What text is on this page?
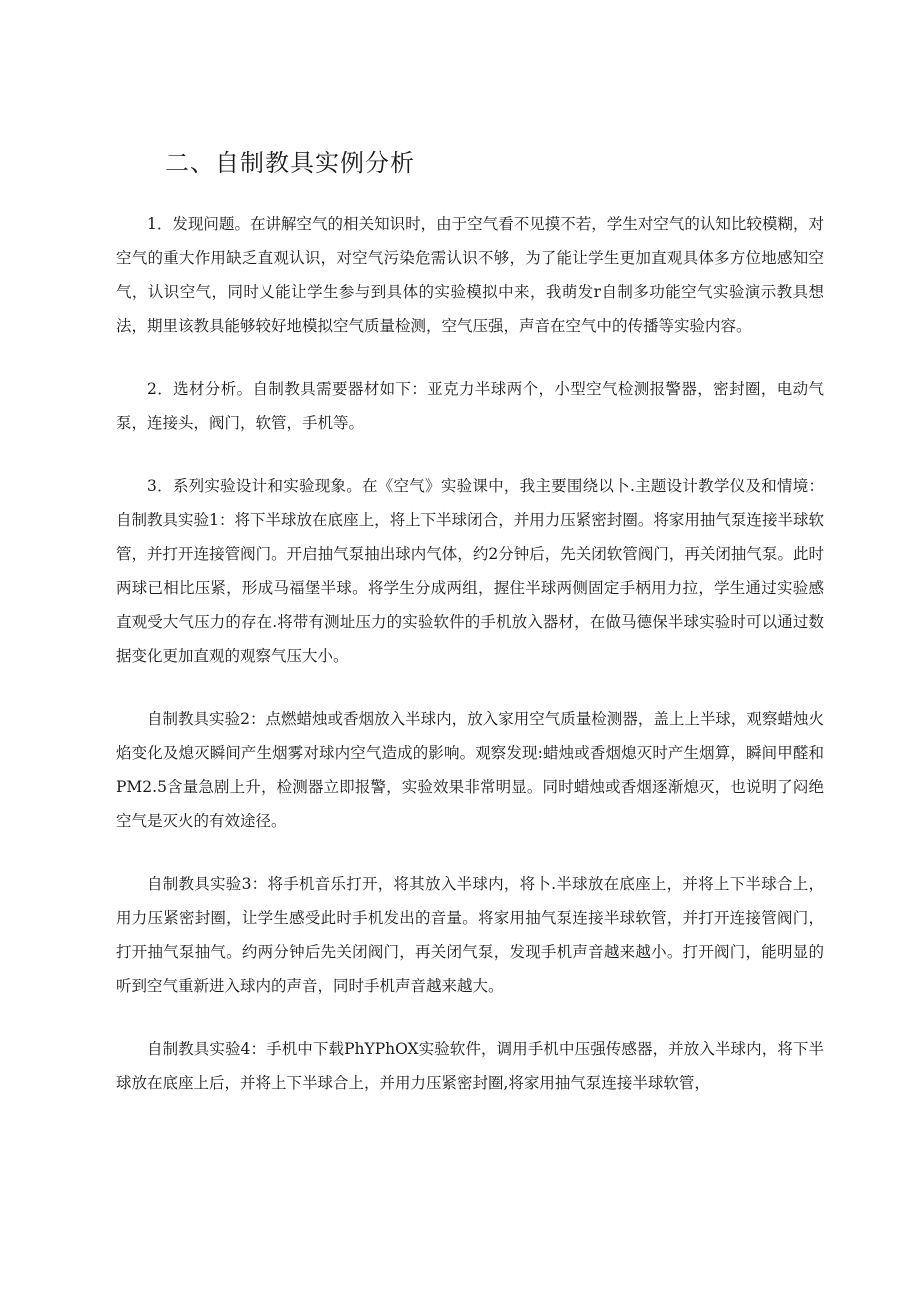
二、自制教具实例分析

1．发现问题。在讲解空气的相关知识时，由于空气看不见摸不若，学生对空气的认知比较模糊，对空气的重大作用缺乏直观认识，对空气污染危需认识不够，为了能让学生更加直观具体多方位地感知空气，认识空气，同时乂能让学生参与到具体的实验模拟中来，我萌发r自制多功能空气实验演示教具想法，期里该教具能够较好地模拟空气质量检测，空气压强，声音在空气中的传播等实验内容。

2．选材分析。自制教具需要器材如下：亚克力半球两个，小型空气检测报警器，密封圈，电动气泵，连接头，阀门，软管，手机等。

3．系列实验设计和实验现象。在《空气》实验课中，我主要围绕以卜.主题设计教学仪及和情境：自制教具实验1：将下半球放在底座上，将上下半球闭合，并用力压紧密封圈。将家用抽气泵连接半球软管，并打开连接管阀门。开启抽气泵抽出球内气体，约2分钟后，先关闭软管阀门，再关闭抽气泵。此时两球已相比压紧，形成马福堡半球。将学生分成两组，握住半球两侧固定手柄用力拉，学生通过实验感直观受大气压力的存在.将带有测址压力的实验软件的手机放入器材，在做马德保半球实验时可以通过数据变化更加直观的观察气压大小。

自制教具实验2：点燃蜡烛或香烟放入半球内，放入家用空气质量检测器，盖上上半球，观察蜡烛火焰变化及熄灭瞬间产生烟雾对球内空气造成的影响。观察发现:蜡烛或香烟熄灭时产生烟算，瞬间甲醛和PM2.5含量急剧上升，检测器立即报警，实验效果非常明显。同时蜡烛或香烟逐渐熄灭，也说明了闷绝空气是灭火的有效途径。

自制教具实验3：将手机音乐打开，将其放入半球内，将卜.半球放在底座上，并将上下半球合上，用力压紧密封圈，让学生感受此时手机发出的音量。将家用抽气泵连接半球软管，并打开连接管阀门，打开抽气泵抽气。约两分钟后先关闭阀门，再关闭气泵，发现手机声音越来越小。打开阀门，能明显的听到空气重新进入球内的声音，同时手机声音越来越大。

自制教具实验4：手机中下载PhYPhOX实验软件，调用手机中压强传感器，并放入半球内，将下半球放在底座上后，并将上下半球合上，并用力压紧密封圈,将家用抽气泵连接半球软管，
